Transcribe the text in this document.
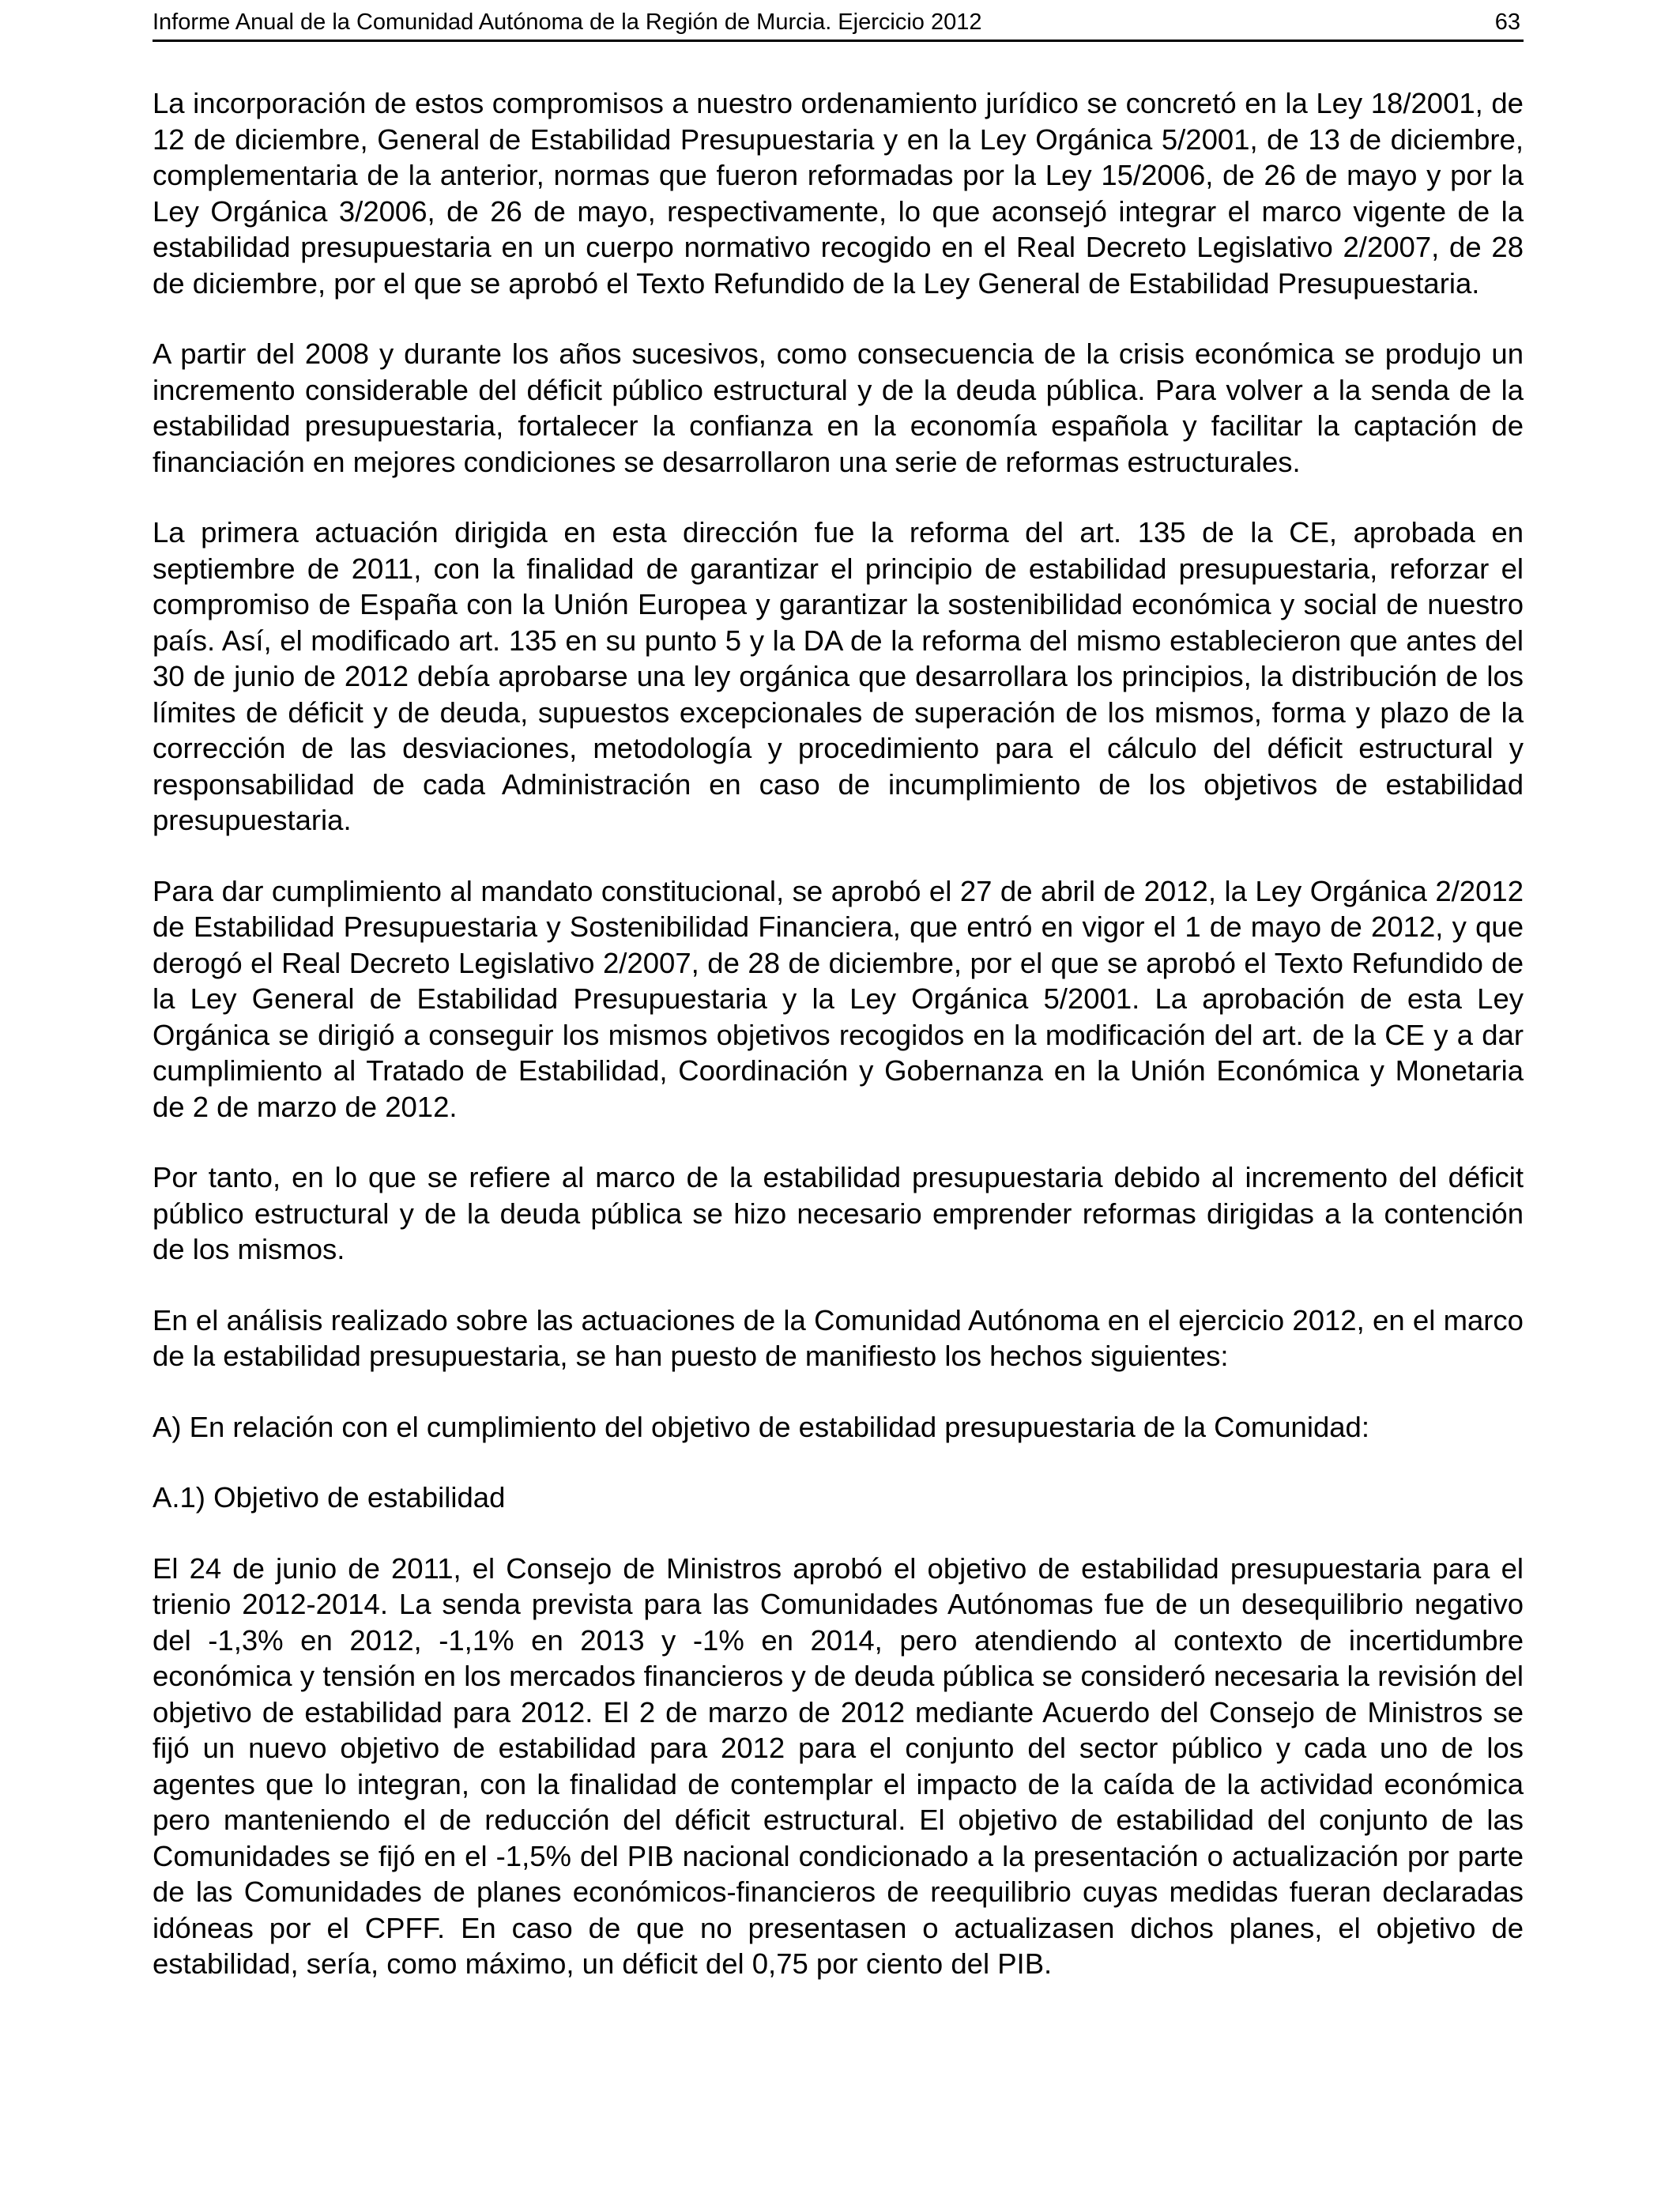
Informe Anual de la Comunidad Autónoma de la Región de Murcia. Ejercicio 2012	63

La incorporación de estos compromisos a nuestro ordenamiento jurídico se concretó en la Ley 18/2001, de 12 de diciembre, General de Estabilidad Presupuestaria y en la Ley Orgánica 5/2001, de 13 de diciembre, complementaria de la anterior, normas que fueron reformadas por la Ley 15/2006, de 26 de mayo y por la Ley Orgánica 3/2006, de 26 de mayo, respectivamente, lo que aconsejó integrar el marco vigente de la estabilidad presupuestaria en un cuerpo normativo recogido en el Real Decreto Legislativo 2/2007, de 28 de diciembre, por el que se aprobó el Texto Refundido de la Ley General de Estabilidad Presupuestaria.

A partir del 2008 y durante los años sucesivos, como consecuencia de la crisis económica se produjo un incremento considerable del déficit público estructural y de la deuda pública. Para volver a la senda de la estabilidad presupuestaria, fortalecer la confianza en la economía española y facilitar la captación de financiación en mejores condiciones se desarrollaron una serie de reformas estructurales.

La primera actuación dirigida en esta dirección fue la reforma del art. 135 de la CE, aprobada en septiembre de 2011, con la finalidad de garantizar el principio de estabilidad presupuestaria, reforzar el compromiso de España con la Unión Europea y garantizar la sostenibilidad económica y social de nuestro país. Así, el modificado art. 135 en su punto 5 y la DA de la reforma del mismo establecieron que antes del 30 de junio de 2012 debía aprobarse una ley orgánica que desarrollara los principios, la distribución de los límites de déficit y de deuda, supuestos excepcionales de superación de los mismos, forma y plazo de la corrección de las desviaciones, metodología y procedimiento para el cálculo del déficit estructural y responsabilidad de cada Administración en caso de incumplimiento de los objetivos de estabilidad presupuestaria.

Para dar cumplimiento al mandato constitucional, se aprobó el 27 de abril de 2012, la Ley Orgánica 2/2012 de Estabilidad Presupuestaria y Sostenibilidad Financiera, que entró en vigor el 1 de mayo de 2012, y que derogó el Real Decreto Legislativo 2/2007, de 28 de diciembre, por el que se aprobó el Texto Refundido de la Ley General de Estabilidad Presupuestaria y la Ley Orgánica 5/2001. La aprobación de esta Ley Orgánica se dirigió a conseguir los mismos objetivos recogidos en la modificación del art. de la CE y a dar cumplimiento al Tratado de Estabilidad, Coordinación y Gobernanza en la Unión Económica y Monetaria de 2 de marzo de 2012.

Por tanto, en lo que se refiere al marco de la estabilidad presupuestaria debido al incremento del déficit público estructural y de la deuda pública se hizo necesario emprender reformas dirigidas a la contención de los mismos.

En el análisis realizado sobre las actuaciones de la Comunidad Autónoma en el ejercicio 2012, en el marco de la estabilidad presupuestaria, se han puesto de manifiesto los hechos siguientes:

A) En relación con el cumplimiento del objetivo de estabilidad presupuestaria de la Comunidad:

A.1) Objetivo de estabilidad

El 24 de junio de 2011, el Consejo de Ministros aprobó el objetivo de estabilidad presupuestaria para el trienio 2012-2014. La senda prevista para las Comunidades Autónomas fue de un desequilibrio negativo del -1,3% en 2012, -1,1% en 2013 y -1% en 2014, pero atendiendo al contexto de incertidumbre económica y tensión en los mercados financieros y de deuda pública se consideró necesaria la revisión del objetivo de estabilidad para 2012. El 2 de marzo de 2012 mediante Acuerdo del Consejo de Ministros se fijó un nuevo objetivo de estabilidad para 2012 para el conjunto del sector público y cada uno de los agentes que lo integran, con la finalidad de contemplar el impacto de la caída de la actividad económica pero manteniendo el de reducción del déficit estructural. El objetivo de estabilidad del conjunto de las Comunidades se fijó en el -1,5% del PIB nacional condicionado a la presentación o actualización por parte de las Comunidades de planes económicos-financieros de reequilibrio cuyas medidas fueran declaradas idóneas por el CPFF. En caso de que no presentasen o actualizasen dichos planes, el objetivo de estabilidad, sería, como máximo, un déficit del 0,75 por ciento del PIB.
